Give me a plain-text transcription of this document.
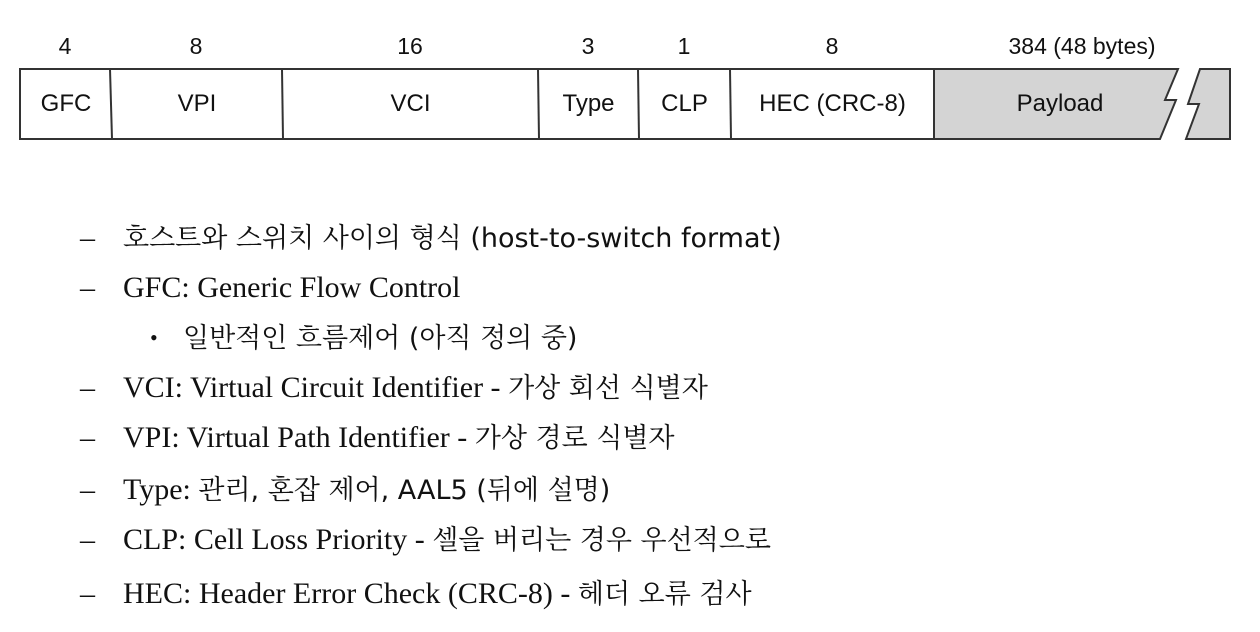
4	8	16	3	1	8	384 (48 bytes)
GFC	VPI	VCI	Type	CLP	HEC (CRC-8)	Payload
– 호스트와 스위치 사이의 형식 (host-to-switch format)
– GFC: Generic Flow Control
• 일반적인 흐름제어 (아직 정의 중)
– VCI: Virtual Circuit Identifier - 가상 회선 식별자
– VPI: Virtual Path Identifier - 가상 경로 식별자
– Type: 관리, 혼잡 제어, AAL5 (뒤에 설명)
– CLP: Cell Loss Priority - 셀을 버리는 경우 우선적으로
– HEC: Header Error Check (CRC-8) - 헤더 오류 검사
